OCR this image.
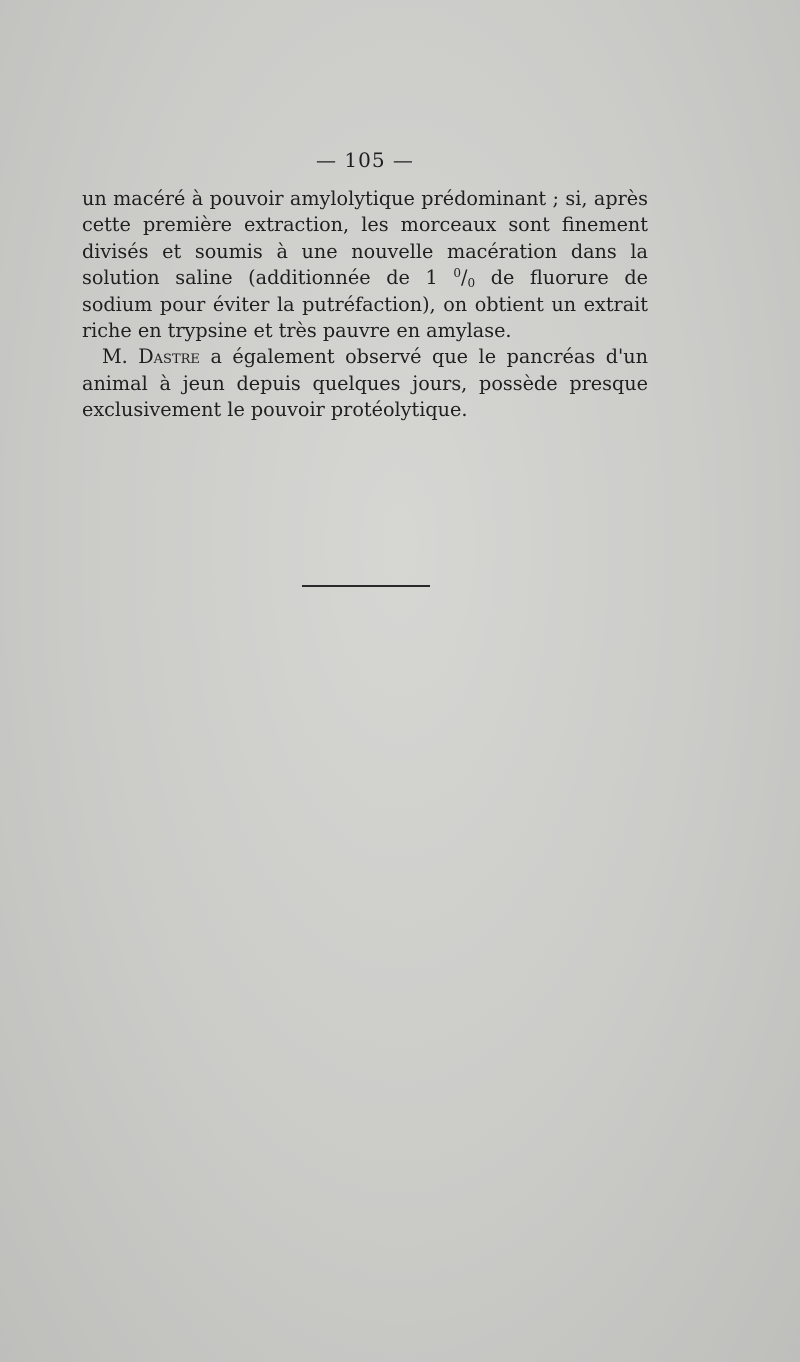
— 105 —

un macéré à pouvoir amylolytique prédominant ; si, après cette première extraction, les morceaux sont finement divisés et soumis à une nouvelle macération dans la solution saline (additionnée de 1 $^0/_0$ de fluorure de sodium pour éviter la putréfaction), on obtient un extrait riche en trypsine et très pauvre en amylase.

M. Dastre a également observé que le pancréas d'un animal à jeun depuis quelques jours, possède presque exclusivement le pouvoir protéolytique.
